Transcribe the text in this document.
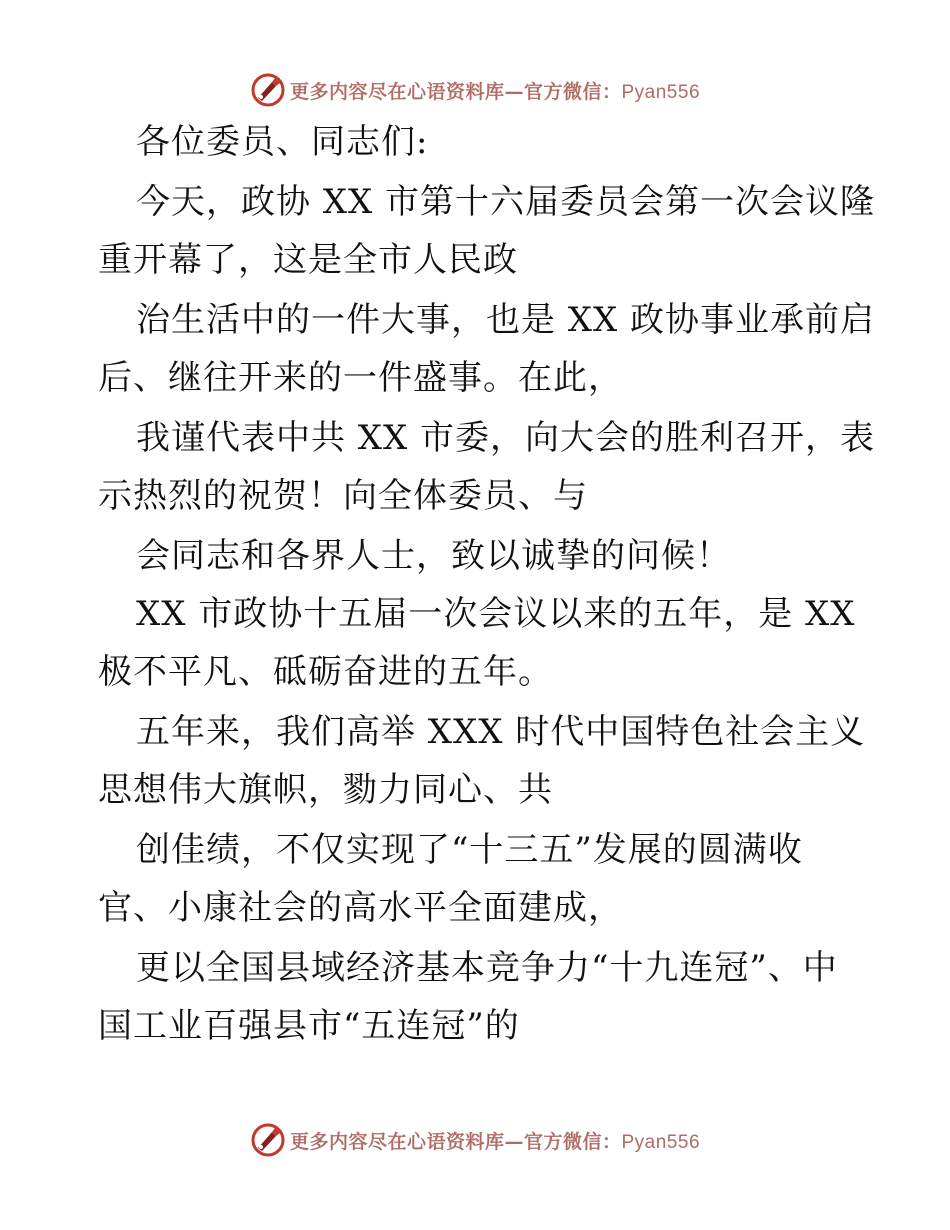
更多内容尽在心语资料库—官方微信：Pyan556
各位委员、同志们:
今天，政协 XX 市第十六届委员会第一次会议隆
重开幕了，这是全市人民政
治生活中的一件大事，也是 XX 政协事业承前启
后、继往开来的一件盛事。在此，
我谨代表中共 XX 市委，向大会的胜利召开，表
示热烈的祝贺！向全体委员、与
会同志和各界人士，致以诚挚的问候！
XX 市政协十五届一次会议以来的五年，是 XX
极不平凡、砥砺奋进的五年。
五年来，我们高举 XXX 时代中国特色社会主义
思想伟大旗帜，勠力同心、共
创佳绩，不仅实现了“十三五”发展的圆满收
官、小康社会的高水平全面建成，
更以全国县域经济基本竞争力“十九连冠”、中
国工业百强县市“五连冠”的
更多内容尽在心语资料库—官方微信：Pyan556
